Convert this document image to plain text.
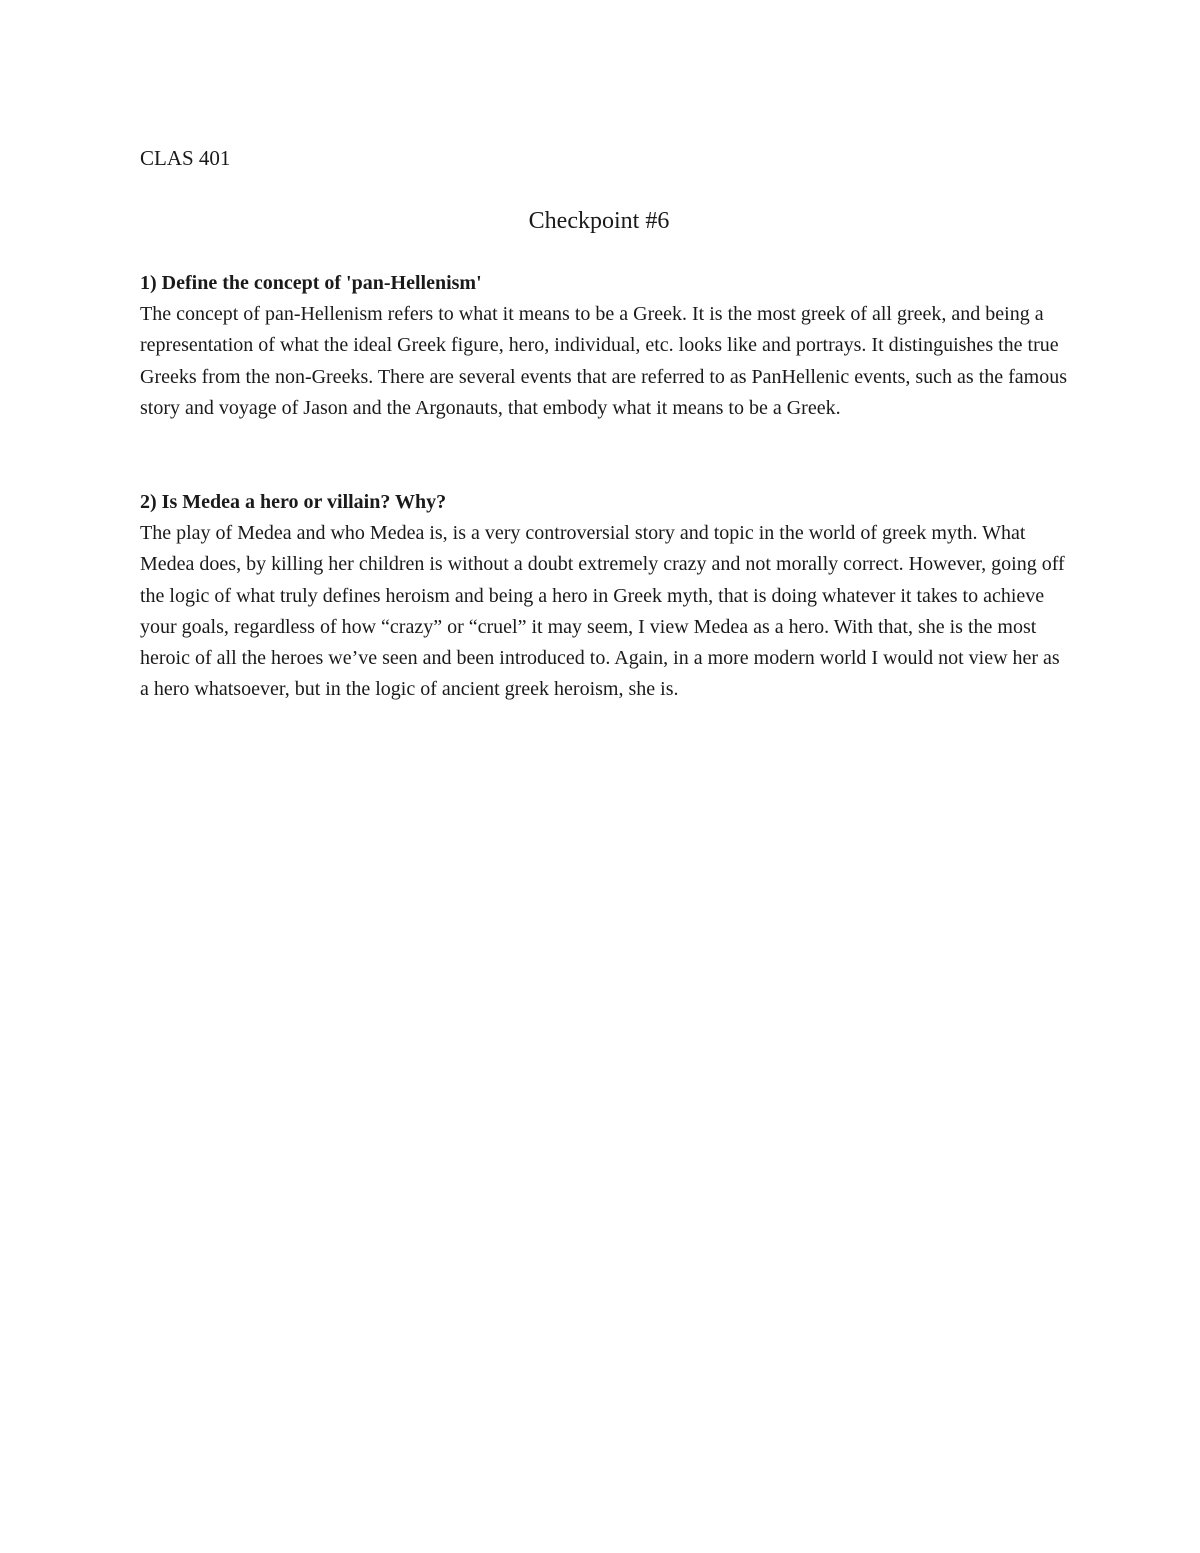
CLAS 401

Checkpoint #6

1) Define the concept of 'pan-Hellenism'

The concept of pan-Hellenism refers to what it means to be a Greek. It is the most greek of all greek, and being a representation of what the ideal Greek figure, hero, individual, etc. looks like and portrays. It distinguishes the true Greeks from the non-Greeks. There are several events that are referred to as PanHellenic events, such as the famous story and voyage of Jason and the Argonauts, that embody what it means to be a Greek.

2) Is Medea a hero or villain? Why?

The play of Medea and who Medea is, is a very controversial story and topic in the world of greek myth. What Medea does, by killing her children is without a doubt extremely crazy and not morally correct. However, going off the logic of what truly defines heroism and being a hero in Greek myth, that is doing whatever it takes to achieve your goals, regardless of how “crazy” or “cruel” it may seem, I view Medea as a hero. With that, she is the most heroic of all the heroes we’ve seen and been introduced to. Again, in a more modern world I would not view her as a hero whatsoever, but in the logic of ancient greek heroism, she is.
